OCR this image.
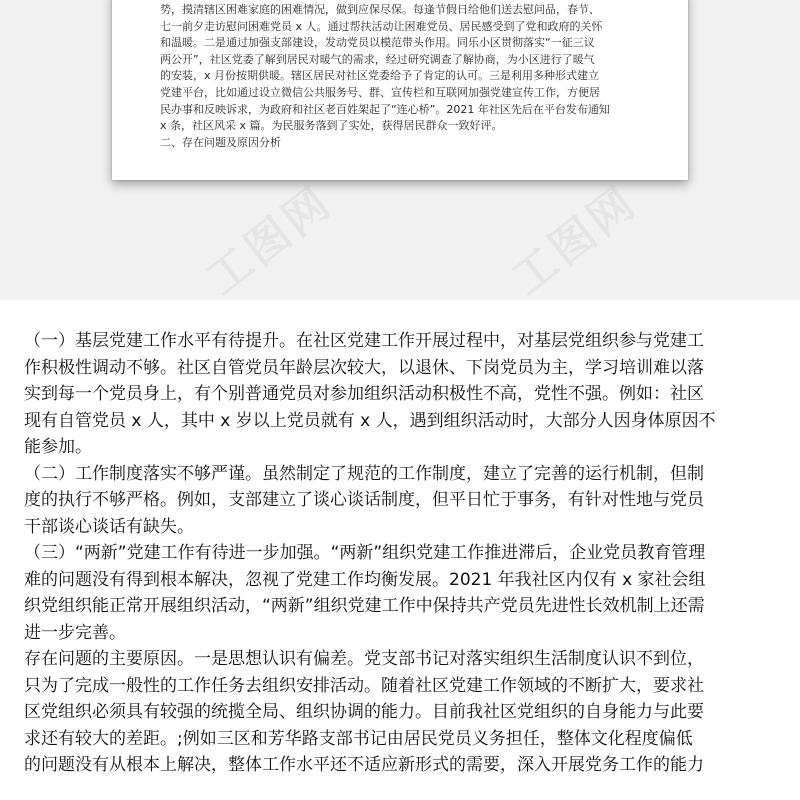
势，摸清辖区困难家庭的困难情况，做到应保尽保。每逢节假日给他们送去慰问品，春节、

七一前夕走访慰问困难党员 x 人。通过帮扶活动让困难党员、居民感受到了党和政府的关怀

和温暖。二是通过加强支部建设，发动党员以模范带头作用。同乐小区贯彻落实“一征三议

两公开”，社区党委了解到居民对暖气的需求，经过研究调查了解协商，为小区进行了暖气

的安装，x 月份按期供暖。辖区居民对社区党委给予了肯定的认可。三是利用多种形式建立

党建平台，比如通过设立微信公共服务号、群、宣传栏和互联网加强党建宣传工作，方便居

民办事和反映诉求，为政府和社区老百姓架起了“连心桥”。2021 年社区先后在平台发布通知

x 条，社区风采 x 篇。为民服务落到了实处，获得居民群众一致好评。

二、存在问题及原因分析

工图网	工图网

（一）基层党建工作水平有待提升。在社区党建工作开展过程中，对基层党组织参与党建工

作积极性调动不够。社区自管党员年龄层次较大，以退休、下岗党员为主，学习培训难以落

实到每一个党员身上，有个别普通党员对参加组织活动积极性不高，党性不强。例如：社区

现有自管党员 x 人，其中 x 岁以上党员就有 x 人，遇到组织活动时，大部分人因身体原因不

能参加。

（二）工作制度落实不够严谨。虽然制定了规范的工作制度，建立了完善的运行机制，但制

度的执行不够严格。例如，支部建立了谈心谈话制度，但平日忙于事务，有针对性地与党员

干部谈心谈话有缺失。

（三）“两新”党建工作有待进一步加强。“两新”组织党建工作推进滞后，企业党员教育管理

难的问题没有得到根本解决，忽视了党建工作均衡发展。2021 年我社区内仅有 x 家社会组

织党组织能正常开展组织活动，“两新”组织党建工作中保持共产党员先进性长效机制上还需

进一步完善。

存在问题的主要原因。一是思想认识有偏差。党支部书记对落实组织生活制度认识不到位，

只为了完成一般性的工作任务去组织安排活动。随着社区党建工作领域的不断扩大，要求社

区党组织必须具有较强的统揽全局、组织协调的能力。目前我社区党组织的自身能力与此要

求还有较大的差距。;例如三区和芳华路支部书记由居民党员义务担任，整体文化程度偏低

的问题没有从根本上解决，整体工作水平还不适应新形式的需要，深入开展党务工作的能力
